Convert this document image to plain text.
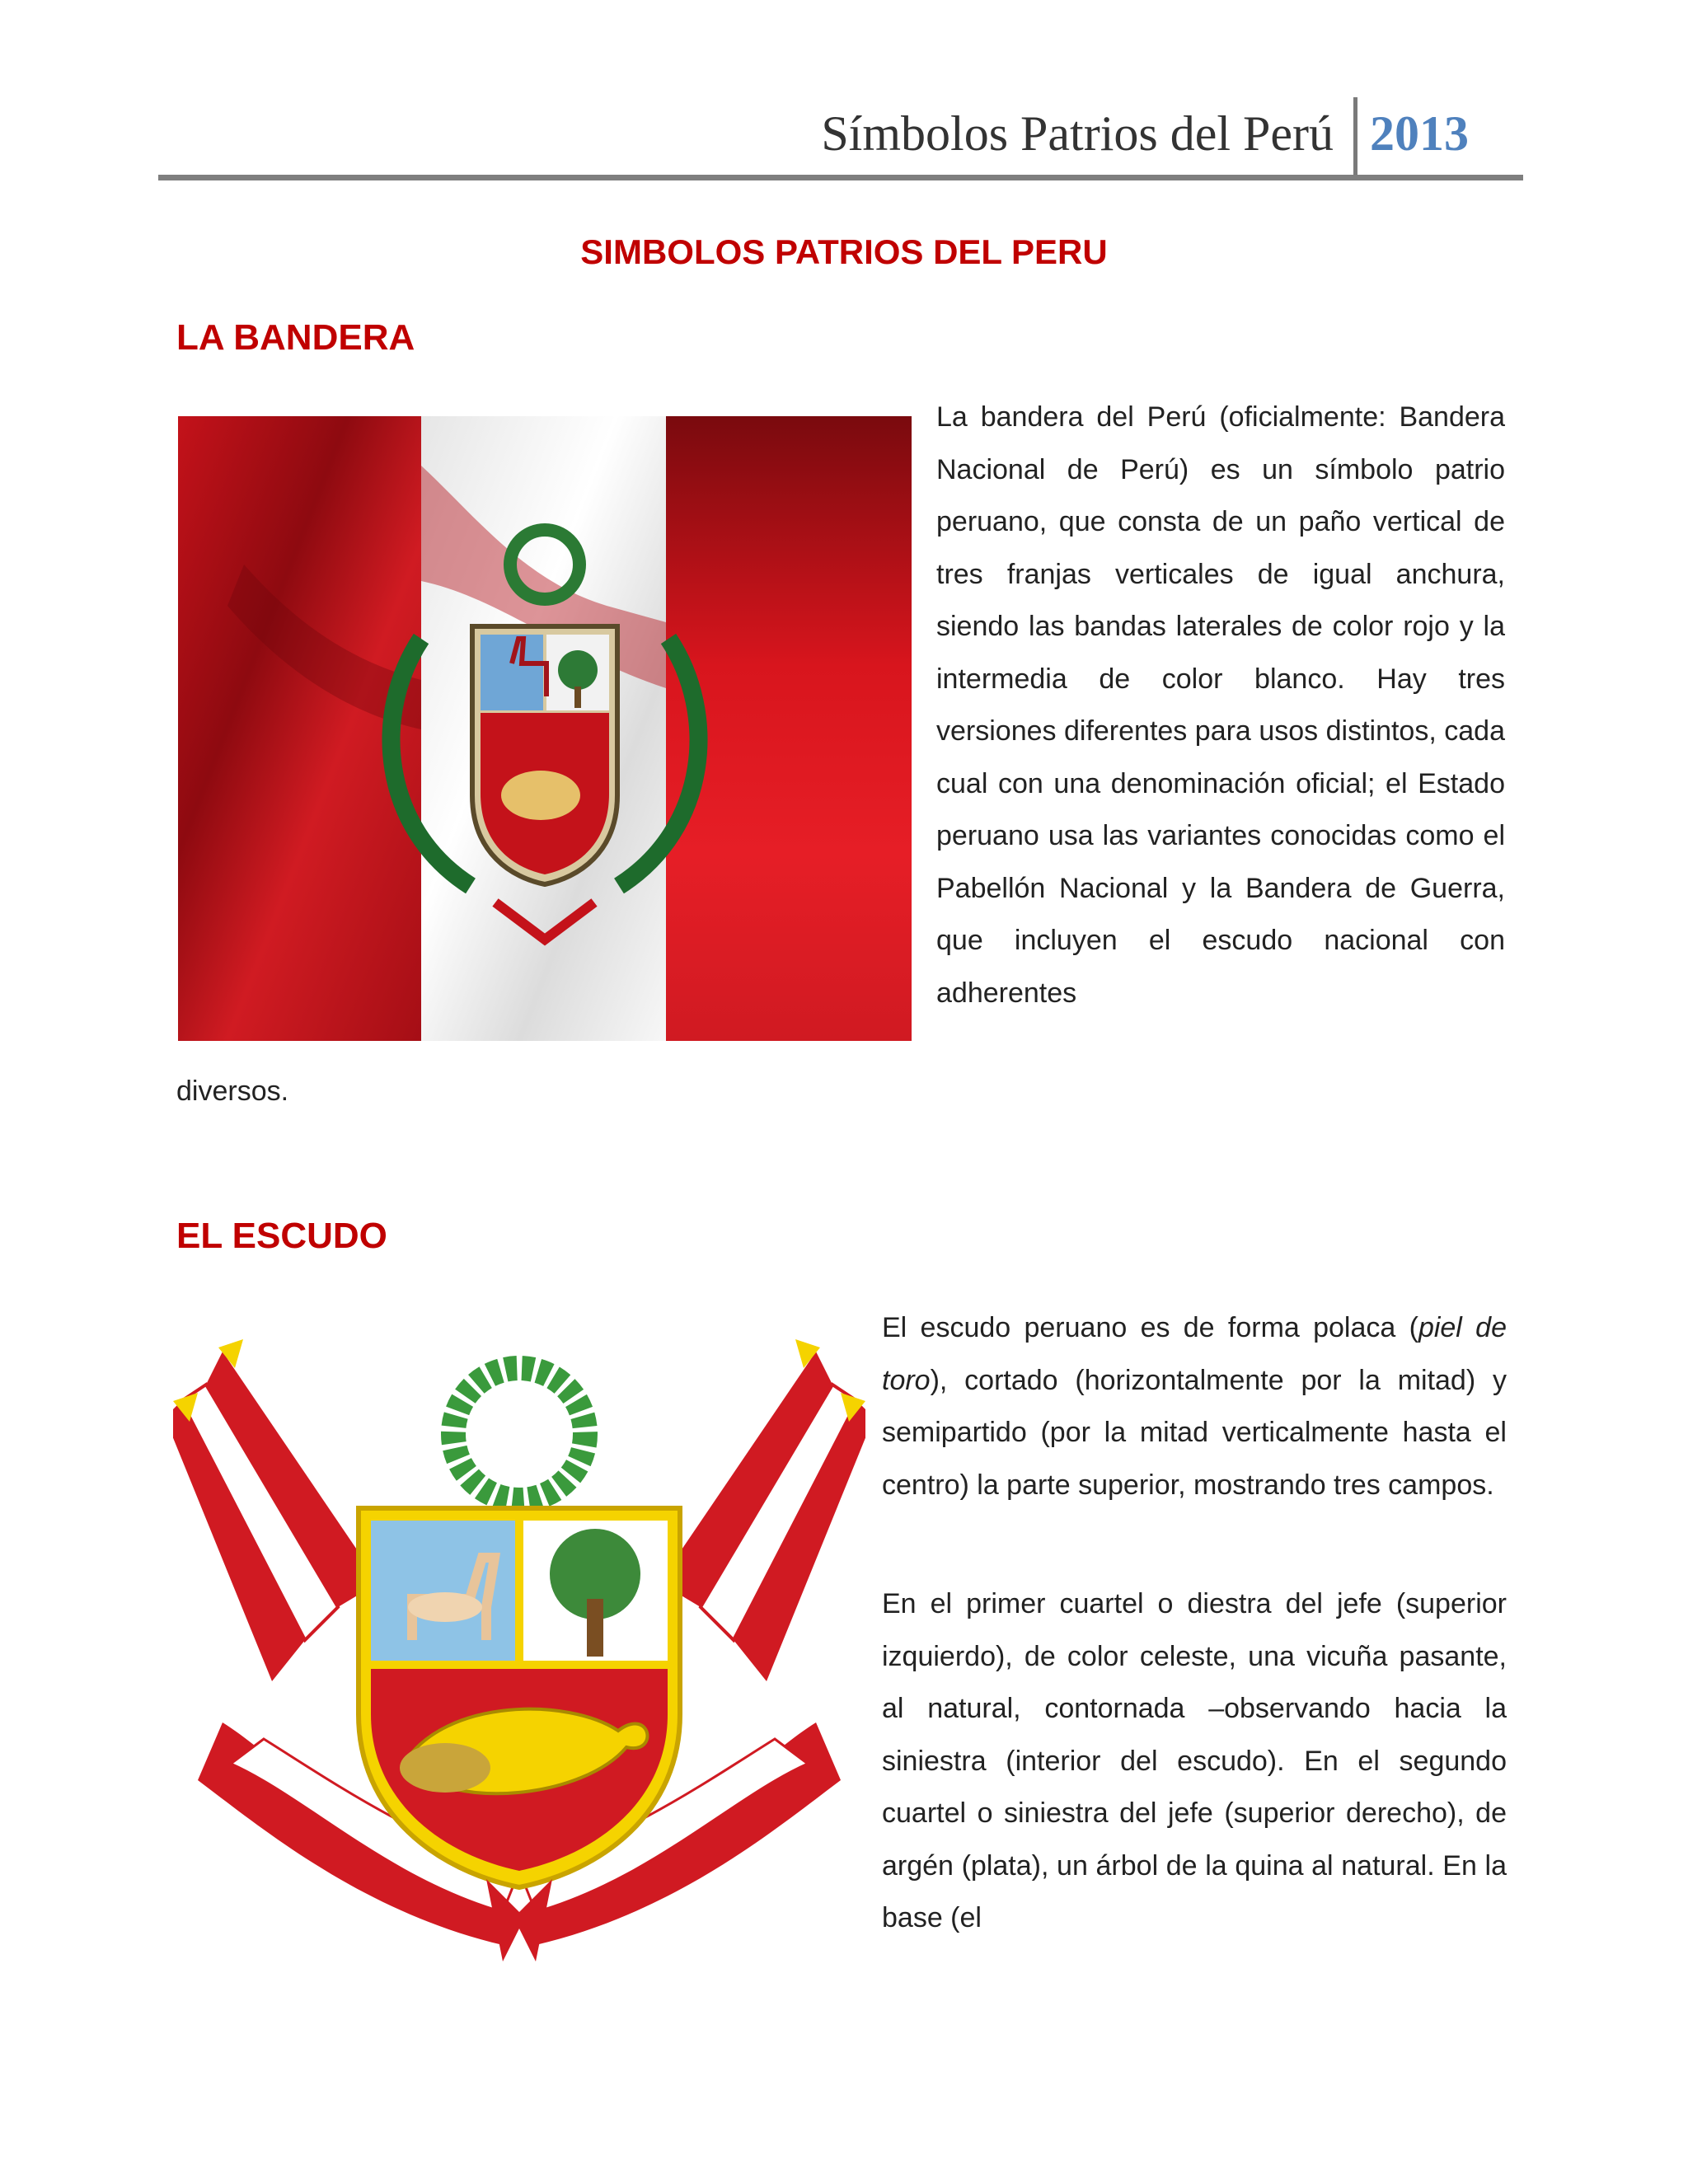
Símbolos Patrios del Perú 2013
SIMBOLOS PATRIOS DEL PERU
LA BANDERA
La bandera del Perú (oficialmente: Bandera Nacional de Perú) es un símbolo patrio peruano, que consta de un paño vertical de tres franjas verticales de igual anchura, siendo las bandas laterales de color rojo y la intermedia de color blanco. Hay tres versiones diferentes para usos distintos, cada cual con una denominación oficial; el Estado peruano usa las variantes conocidas como el Pabellón Nacional y la Bandera de Guerra, que incluyen el escudo nacional con adherentes
diversos.
EL ESCUDO
El escudo peruano es de forma polaca (piel de toro), cortado (horizontalmente por la mitad) y semipartido (por la mitad verticalmente hasta el centro) la parte superior, mostrando tres campos.
En el primer cuartel o diestra del jefe (superior izquierdo), de color celeste, una vicuña pasante, al natural, contornada –observando hacia la siniestra (interior del escudo). En el segundo cuartel o siniestra del jefe (superior derecho), de argén (plata), un árbol de la quina al natural. En la base (el
